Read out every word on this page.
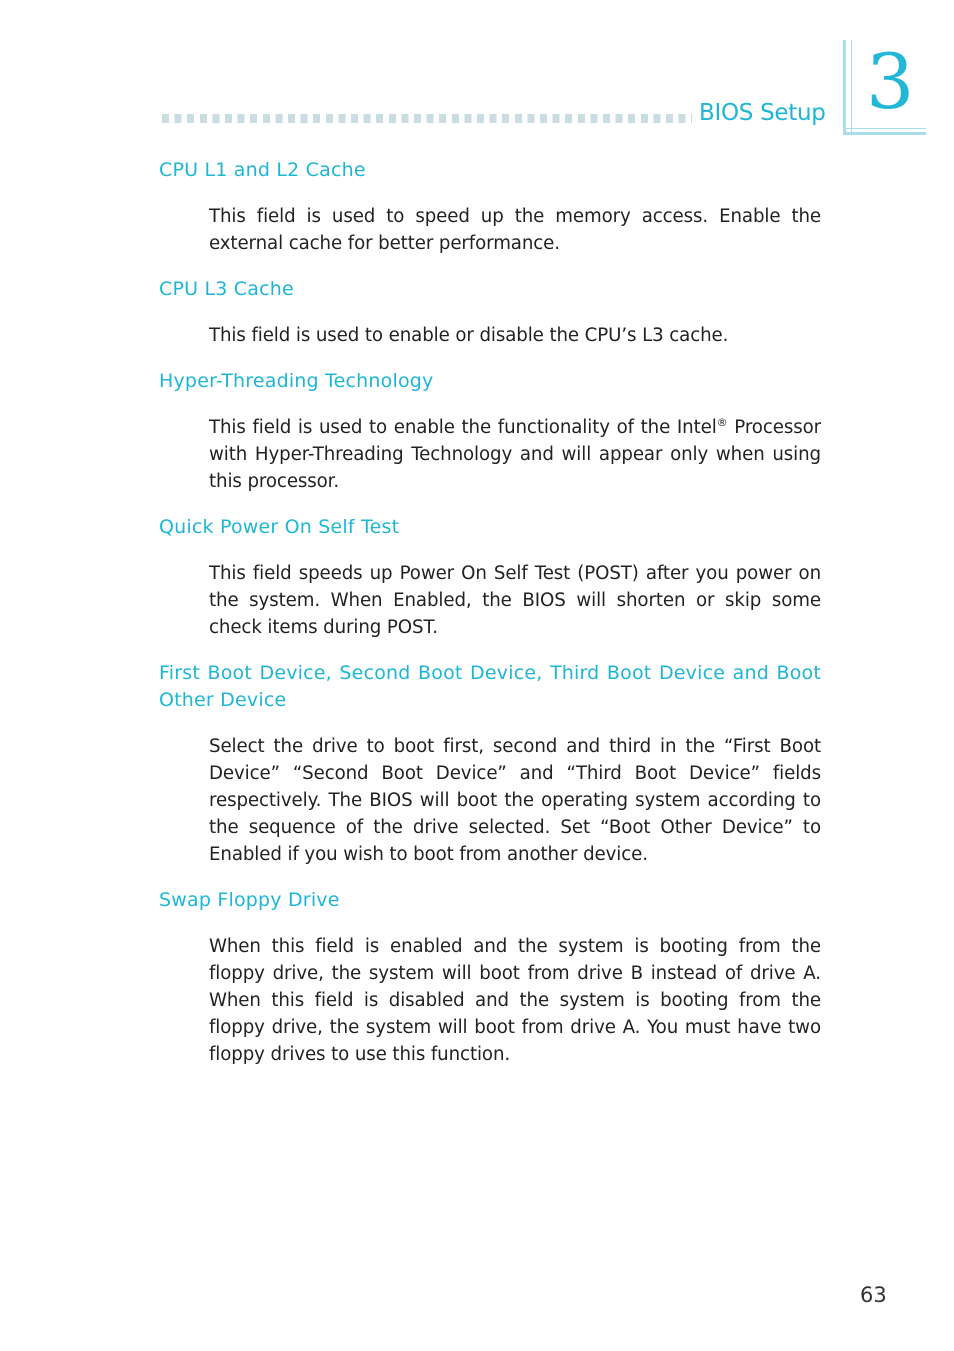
BIOS Setup 3
CPU L1 and L2 Cache
This field is used to speed up the memory access. Enable the external cache for better performance.
CPU L3 Cache
This field is used to enable or disable the CPU’s L3 cache.
Hyper-Threading Technology
This field is used to enable the functionality of the Intel® Processor with Hyper-Threading Technology and will appear only when using this processor.
Quick Power On Self Test
This field speeds up Power On Self Test (POST) after you power on the system. When Enabled, the BIOS will shorten or skip some check items during POST.
First Boot Device, Second Boot Device, Third Boot Device and Boot Other Device
Select the drive to boot first, second and third in the “First Boot Device” “Second Boot Device” and “Third Boot Device” fields respectively. The BIOS will boot the operating system according to the sequence of the drive selected. Set “Boot Other Device” to Enabled if you wish to boot from another device.
Swap Floppy Drive
When this field is enabled and the system is booting from the floppy drive, the system will boot from drive B instead of drive A. When this field is disabled and the system is booting from the floppy drive, the system will boot from drive A. You must have two floppy drives to use this function.
63
